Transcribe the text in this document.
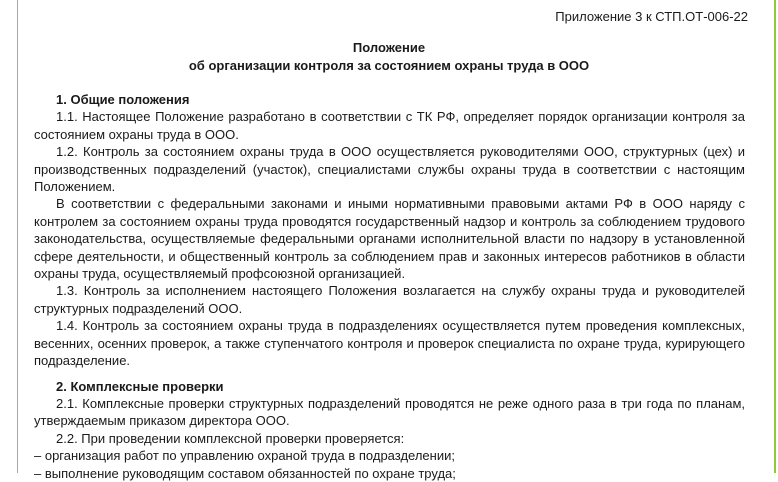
Приложение 3 к СТП.ОТ-006-22
Положение
об организации контроля за состоянием охраны труда в ООО
1. Общие положения

1.1. Настоящее Положение разработано в соответствии с ТК РФ, определяет порядок организации контроля за состоянием охраны труда в ООО.

1.2. Контроль за состоянием охраны труда в ООО осуществляется руководителями ООО, структурных (цех) и производственных подразделений (участок), специалистами службы охраны труда в соответствии с настоящим Положением.

В соответствии с федеральными законами и иными нормативными правовыми актами РФ в ООО наряду с контролем за состоянием охраны труда проводятся государственный надзор и контроль за соблюдением трудового законодательства, осуществляемые федеральными органами исполнительной власти по надзору в установленной сфере деятельности, и общественный контроль за соблюдением прав и законных интересов работников в области охраны труда, осуществляемый профсоюзной организацией.

1.3. Контроль за исполнением настоящего Положения возлагается на службу охраны труда и руководителей структурных подразделений ООО.

1.4. Контроль за состоянием охраны труда в подразделениях осуществляется путем проведения комплексных, весенних, осенних проверок, а также ступенчатого контроля и проверок специалиста по охране труда, курирующего подразделение.

2. Комплексные проверки

2.1. Комплексные проверки структурных подразделений проводятся не реже одного раза в три года по планам, утверждаемым приказом директора ООО.

2.2. При проведении комплексной проверки проверяется:

– организация работ по управлению охраной труда в подразделении;

– выполнение руководящим составом обязанностей по охране труда;
